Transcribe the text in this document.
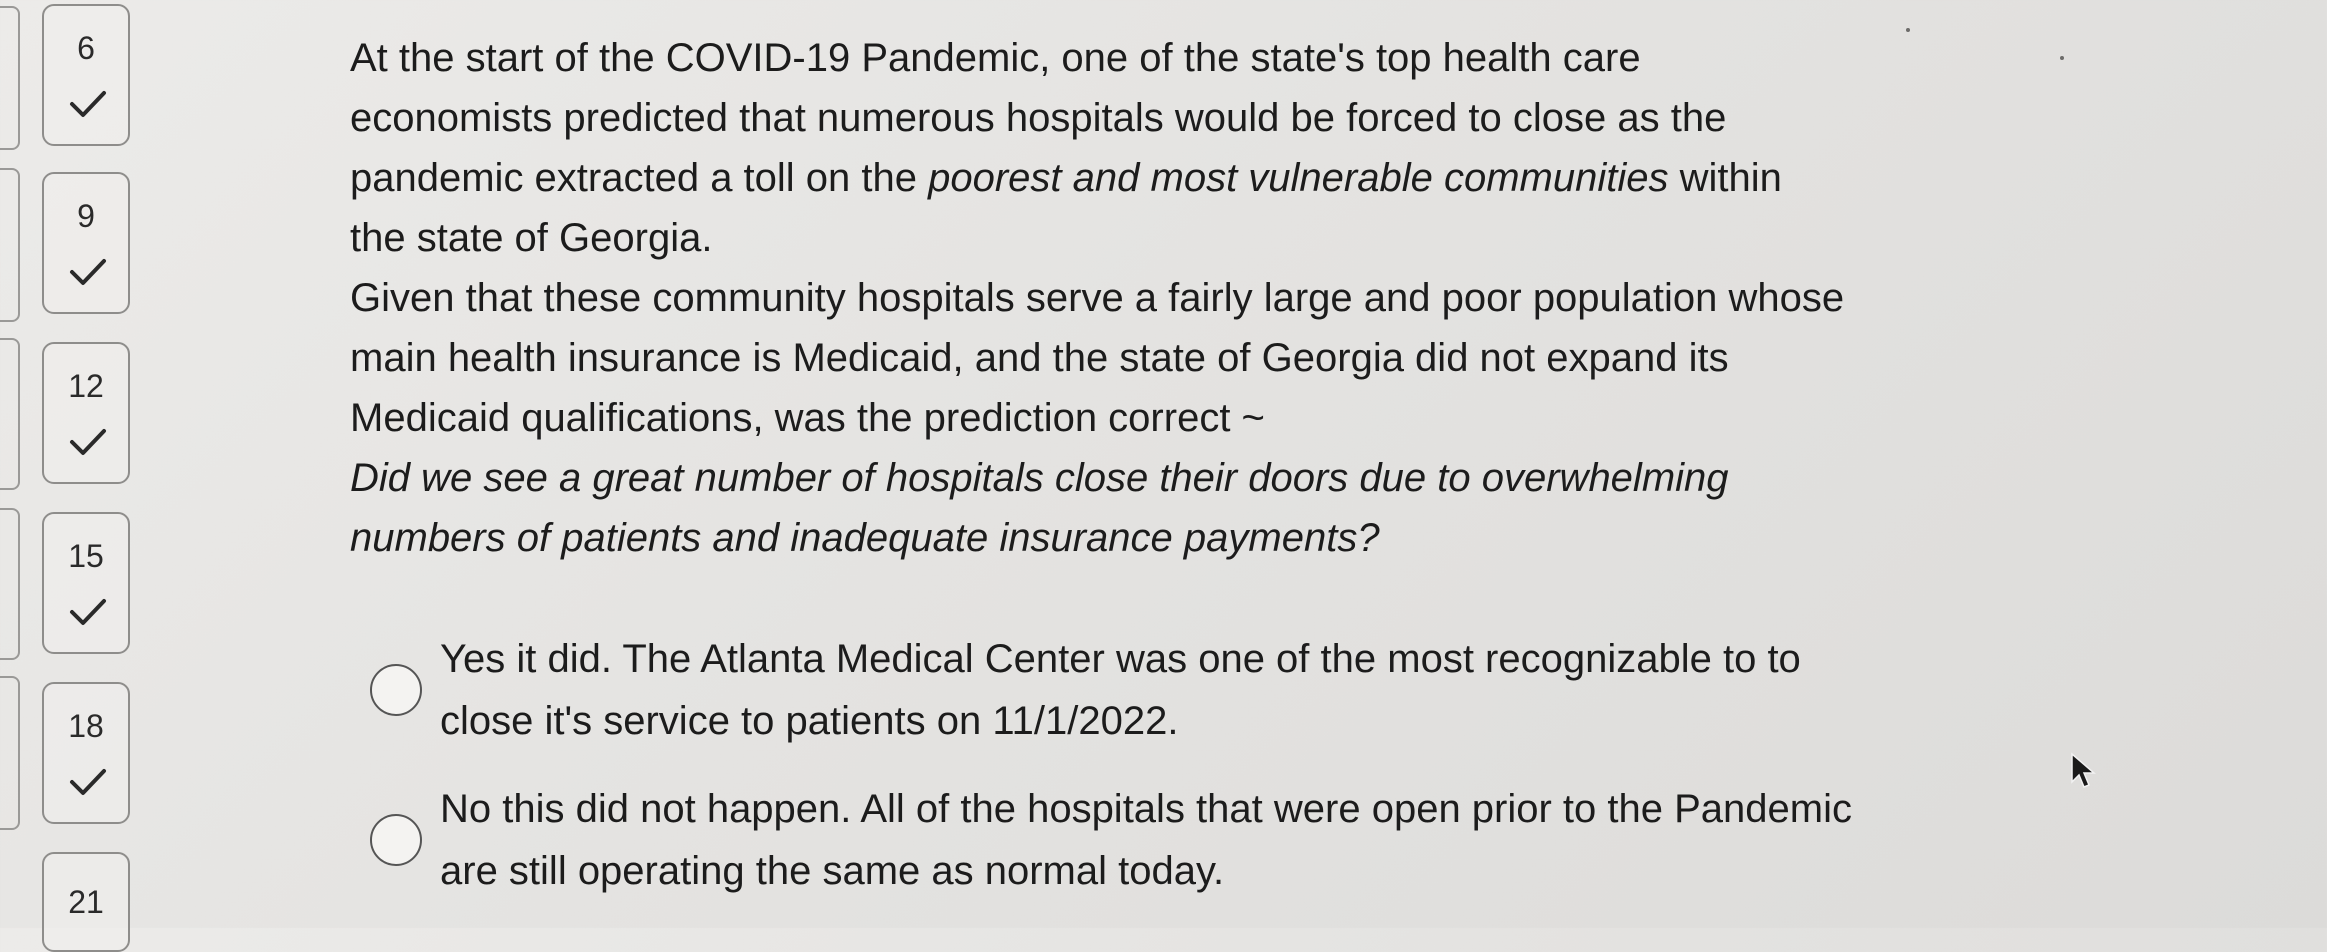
6
9
12
15
18
21

At the start of the COVID-19 Pandemic, one of the state's top health care

economists predicted that numerous hospitals would be forced to close as the

pandemic extracted a toll on the poorest and most vulnerable communities within

the state of Georgia.

Given that these community hospitals serve a fairly large and poor population whose

main health insurance is Medicaid, and the state of Georgia did not expand its

Medicaid qualifications, was the prediction correct ~

Did we see a great number of hospitals close their doors due to overwhelming

numbers of patients and inadequate insurance payments?

Yes it did. The Atlanta Medical Center was one of the most recognizable to to
close it's service to patients on 11/1/2022.
No this did not happen. All of the hospitals that were open prior to the Pandemic
are still operating the same as normal today.
